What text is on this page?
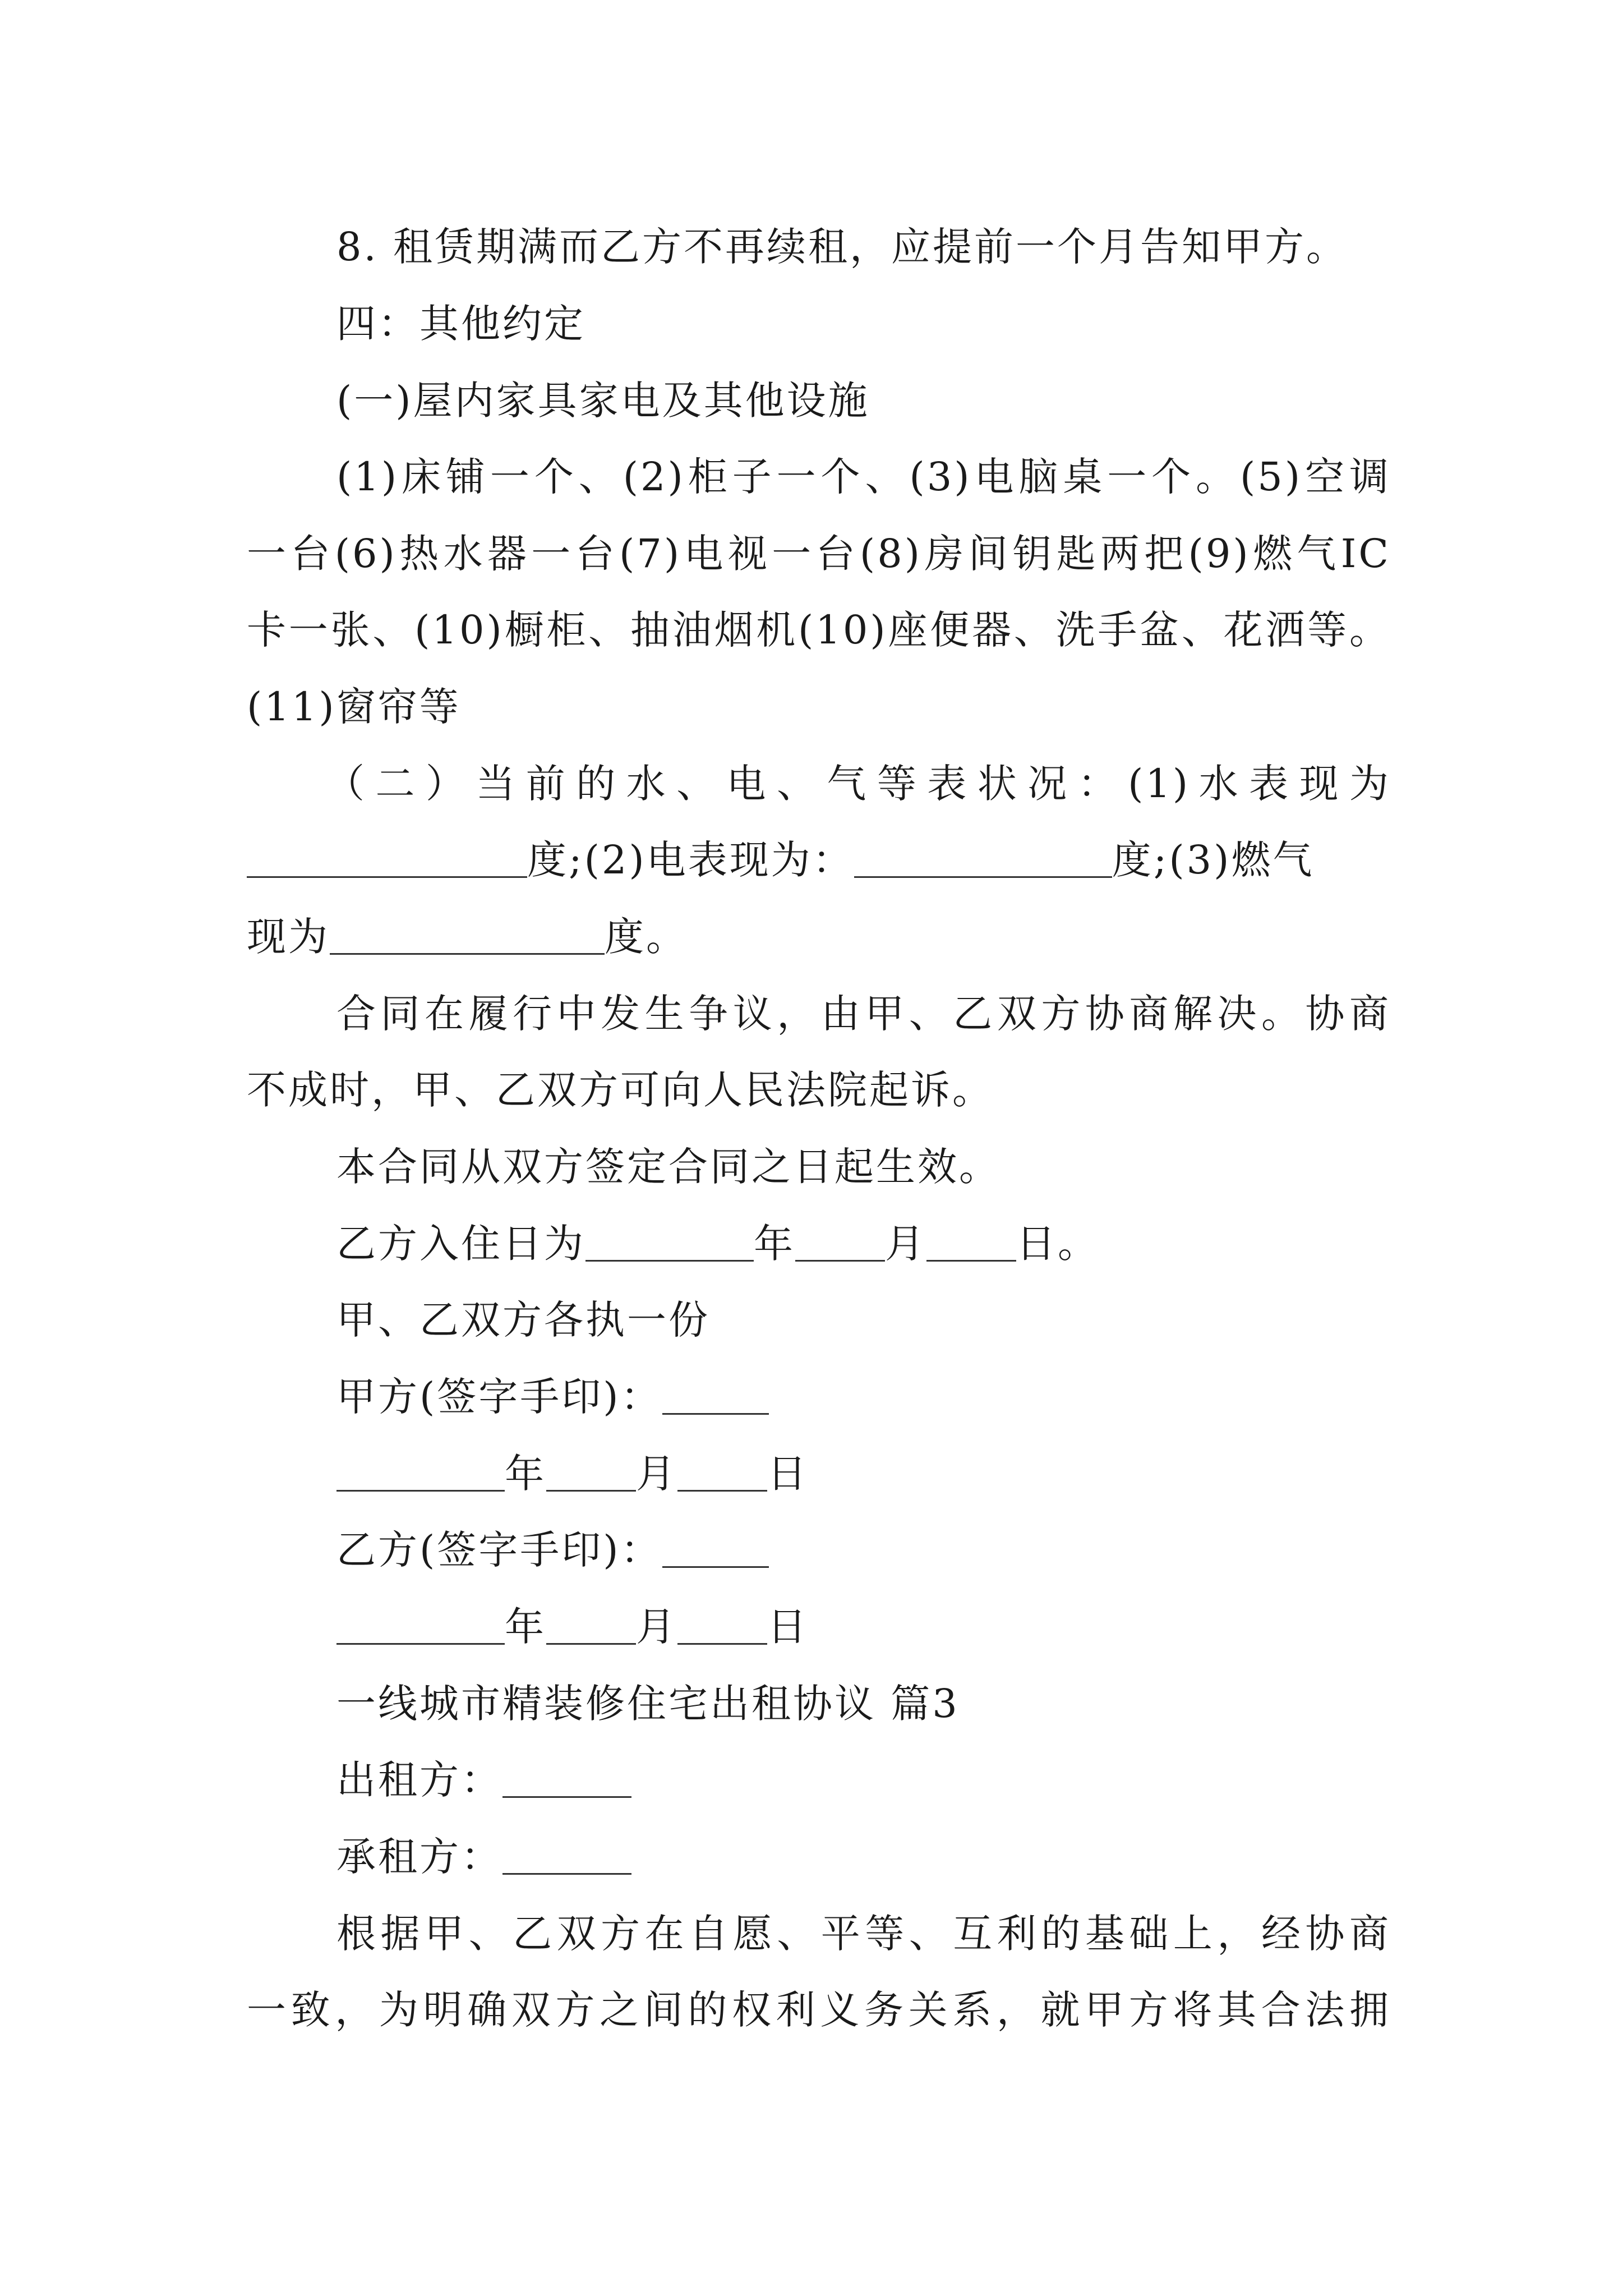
8. 租赁期满而乙方不再续租，应提前一个月告知甲方。
四：其他约定
(一)屋内家具家电及其他设施
(1)床铺一个、(2)柜子一个、(3)电脑桌一个。(5)空调
一台(6)热水器一台(7)电视一台(8)房间钥匙两把(9)燃气IC
卡一张、(10)橱柜、抽油烟机(10)座便器、洗手盆、花洒等。
(11)窗帘等
（二）当前的水、电、气等表状况：(1)水表现为
度;(2)电表现为：	度;(3)燃气
现为	度。
合同在履行中发生争议，由甲、乙双方协商解决。协商
不成时，甲、乙双方可向人民法院起诉。
本合同从双方签定合同之日起生效。
乙方入住日为	年 月 日。
甲、乙双方各执一份
甲方(签字手印)：
年 月 日
乙方(签字手印)：
年 月 日
一线城市精装修住宅出租协议 篇3
出租方：
承租方：
根据甲、乙双方在自愿、平等、互利的基础上，经协商
一致，为明确双方之间的权利义务关系，就甲方将其合法拥
